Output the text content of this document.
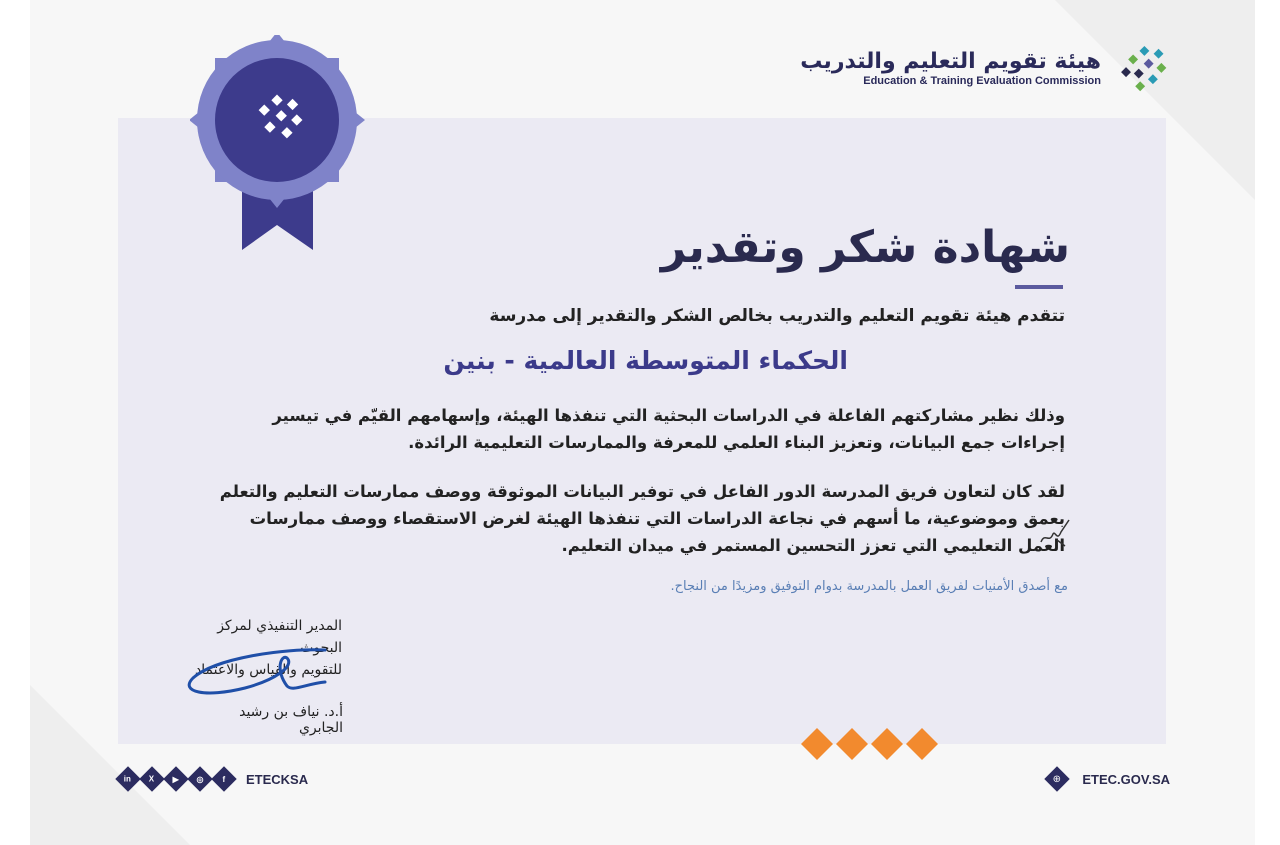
هيئة تقويم التعليم والتدريب
Education & Training Evaluation Commission
شهادة شكر وتقدير
تتقدم هيئة تقويم التعليم والتدريب بخالص الشكر والتقدير إلى مدرسة
الحكماء المتوسطة العالمية - بنين
وذلك نظير مشاركتهم الفاعلة في الدراسات البحثية التي تنفذها الهيئة، وإسهامهم القيّم في تيسير
إجراءات جمع البيانات، وتعزيز البناء العلمي للمعرفة والممارسات التعليمية الرائدة.
لقد كان لتعاون فريق المدرسة الدور الفاعل في توفير البيانات الموثوقة ووصف ممارسات التعليم والتعلم
بعمق وموضوعية، ما أسهم في نجاعة الدراسات التي تنفذها الهيئة لغرض الاستقصاء ووصف ممارسات
العمل التعليمي التي تعزز التحسين المستمر في ميدان التعليم.
مع أصدق الأمنيات لفريق العمل بالمدرسة بدوام التوفيق ومزيدًا من النجاح.
المدير التنفيذي لمركز البحوث
للتقويم والقياس والاعتماد
أ.د. نياف بن رشيد الجابري
in X ▶ ◎ f ETECKSA	⊕ ETEC.GOV.SA
